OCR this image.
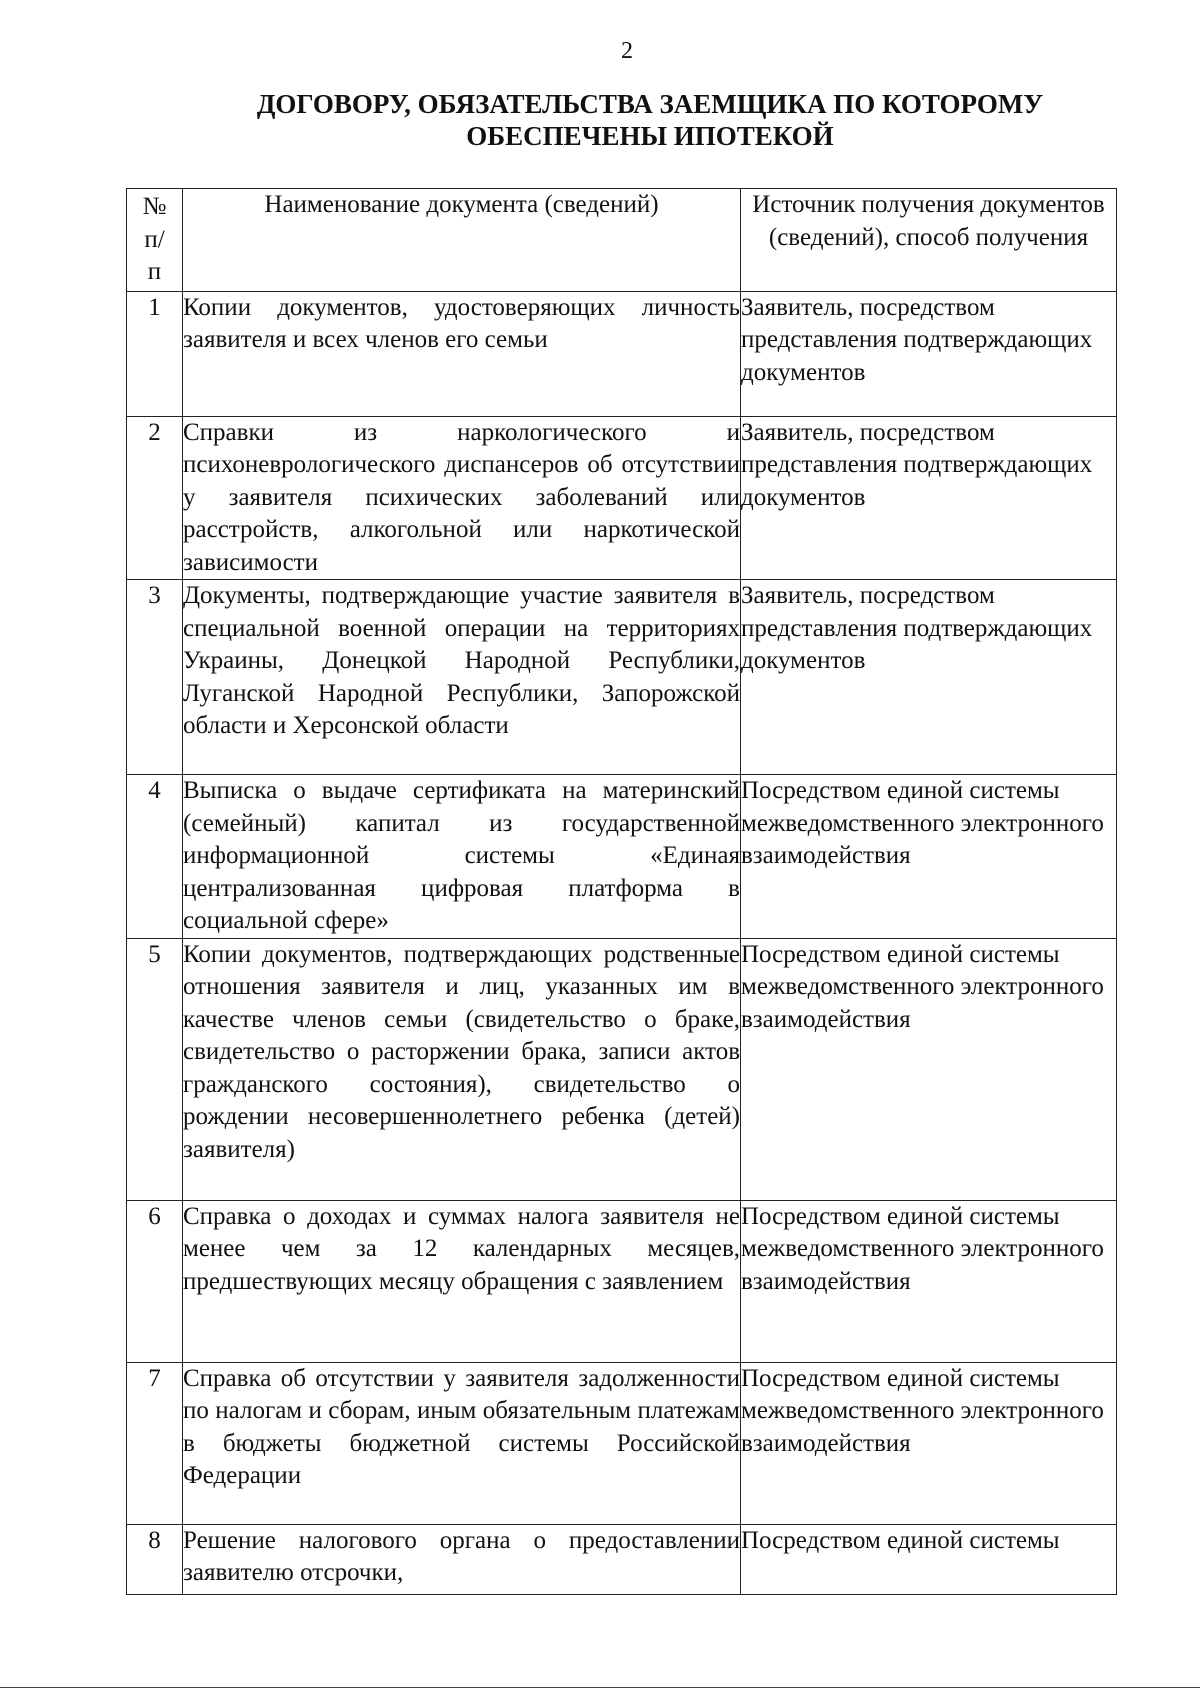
2
ДОГОВОРУ, ОБЯЗАТЕЛЬСТВА ЗАЕМЩИКА ПО КОТОРОМУ
ОБЕСПЕЧЕНЫ ИПОТЕКОЙ
№
п/
п	Наименование документа (сведений)	Источник получения документов (сведений), способ получения
1	Копии документов, удостоверяющих личность заявителя и всех членов его семьи	Заявитель, посредством представления подтверждающих документов
2	Справки из наркологического и психоневрологического диспансеров об отсутствии у заявителя психических заболеваний или расстройств, алкогольной или наркотической зависимости	Заявитель, посредством представления подтверждающих документов
3	Документы, подтверждающие участие заявителя в специальной военной операции на территориях Украины, Донецкой Народной Республики, Луганской Народной Республики, Запорожской области и Херсонской области	Заявитель, посредством представления подтверждающих документов
4	Выписка о выдаче сертификата на материнский (семейный) капитал из государственной информационной системы «Единая централизованная цифровая платформа в социальной сфере»	Посредством единой системы межведомственного электронного взаимодействия
5	Копии документов, подтверждающих родственные отношения заявителя и лиц, указанных им в качестве членов семьи (свидетельство о браке, свидетельство о расторжении брака, записи актов гражданского состояния), свидетельство о рождении несовершеннолетнего ребенка (детей) заявителя)	Посредством единой системы межведомственного электронного взаимодействия
6	Справка о доходах и суммах налога заявителя не менее чем за 12 календарных месяцев, предшествующих месяцу обращения с заявлением	Посредством единой системы межведомственного электронного взаимодействия
7	Справка об отсутствии у заявителя задолженности по налогам и сборам, иным обязательным платежам в бюджеты бюджетной системы Российской Федерации	Посредством единой системы межведомственного электронного взаимодействия
8	Решение налогового органа о предоставлении заявителю отсрочки,	Посредством единой системы
